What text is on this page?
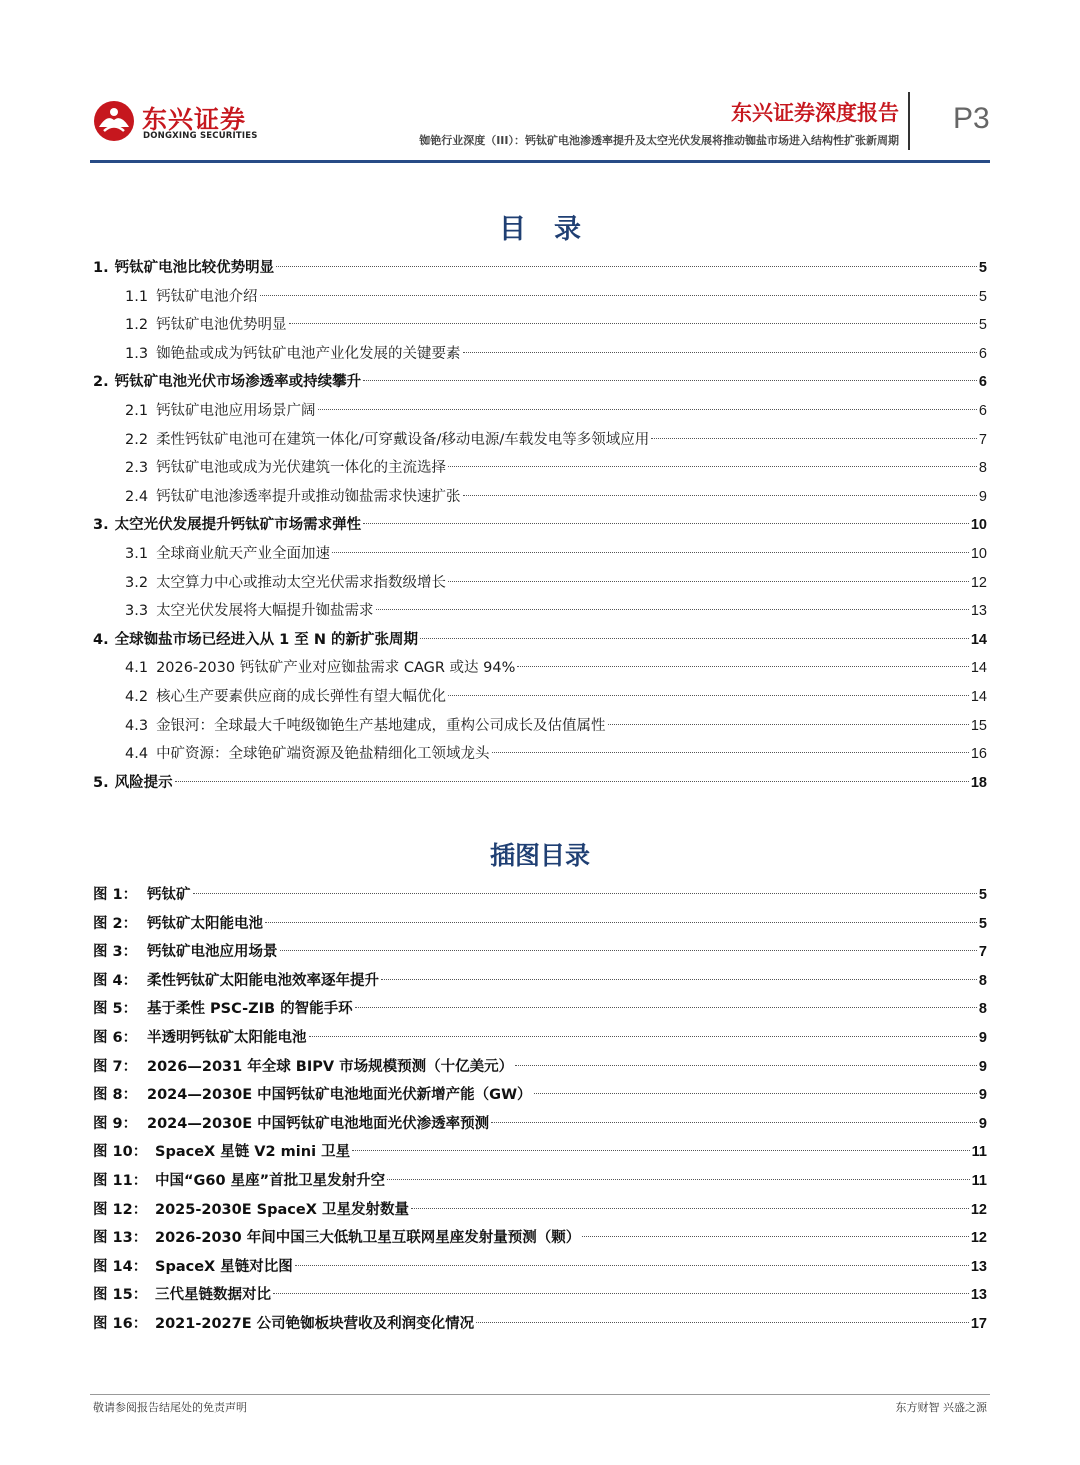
东兴证券
DONGXING SECURITIES
东兴证券深度报告
铷铯行业深度（III）：钙钛矿电池渗透率提升及太空光伏发展将推动铷盐市场进入结构性扩张新周期
P3
目录
1. 钙钛矿电池比较优势明显	5
1.1 钙钛矿电池介绍	5
1.2 钙钛矿电池优势明显	5
1.3 铷铯盐或成为钙钛矿电池产业化发展的关键要素	6
2. 钙钛矿电池光伏市场渗透率或持续攀升	6
2.1 钙钛矿电池应用场景广阔	6
2.2 柔性钙钛矿电池可在建筑一体化/可穿戴设备/移动电源/车载发电等多领域应用	7
2.3 钙钛矿电池或成为光伏建筑一体化的主流选择	8
2.4 钙钛矿电池渗透率提升或推动铷盐需求快速扩张	9
3. 太空光伏发展提升钙钛矿市场需求弹性	10
3.1 全球商业航天产业全面加速	10
3.2 太空算力中心或推动太空光伏需求指数级增长	12
3.3 太空光伏发展将大幅提升铷盐需求	13
4. 全球铷盐市场已经进入从 1 至 N 的新扩张周期	14
4.1 2026-2030 钙钛矿产业对应铷盐需求 CAGR 或达 94%	14
4.2 核心生产要素供应商的成长弹性有望大幅优化	14
4.3 金银河：全球最大千吨级铷铯生产基地建成，重构公司成长及估值属性	15
4.4 中矿资源：全球铯矿端资源及铯盐精细化工领域龙头	16
5. 风险提示	18
插图目录
图 1： 钙钛矿	5
图 2： 钙钛矿太阳能电池	5
图 3： 钙钛矿电池应用场景	7
图 4： 柔性钙钛矿太阳能电池效率逐年提升	8
图 5： 基于柔性 PSC-ZIB 的智能手环	8
图 6： 半透明钙钛矿太阳能电池	9
图 7： 2026—2031 年全球 BIPV 市场规模预测（十亿美元）	9
图 8： 2024—2030E 中国钙钛矿电池地面光伏新增产能（GW）	9
图 9： 2024—2030E 中国钙钛矿电池地面光伏渗透率预测	9
图 10： SpaceX 星链 V2 mini 卫星	11
图 11： 中国“G60 星座”首批卫星发射升空	11
图 12： 2025-2030E SpaceX 卫星发射数量	12
图 13： 2026-2030 年间中国三大低轨卫星互联网星座发射量预测（颗）	12
图 14： SpaceX 星链对比图	13
图 15： 三代星链数据对比	13
图 16： 2021-2027E 公司铯铷板块营收及利润变化情况	17
敬请参阅报告结尾处的免责声明	东方财智 兴盛之源
